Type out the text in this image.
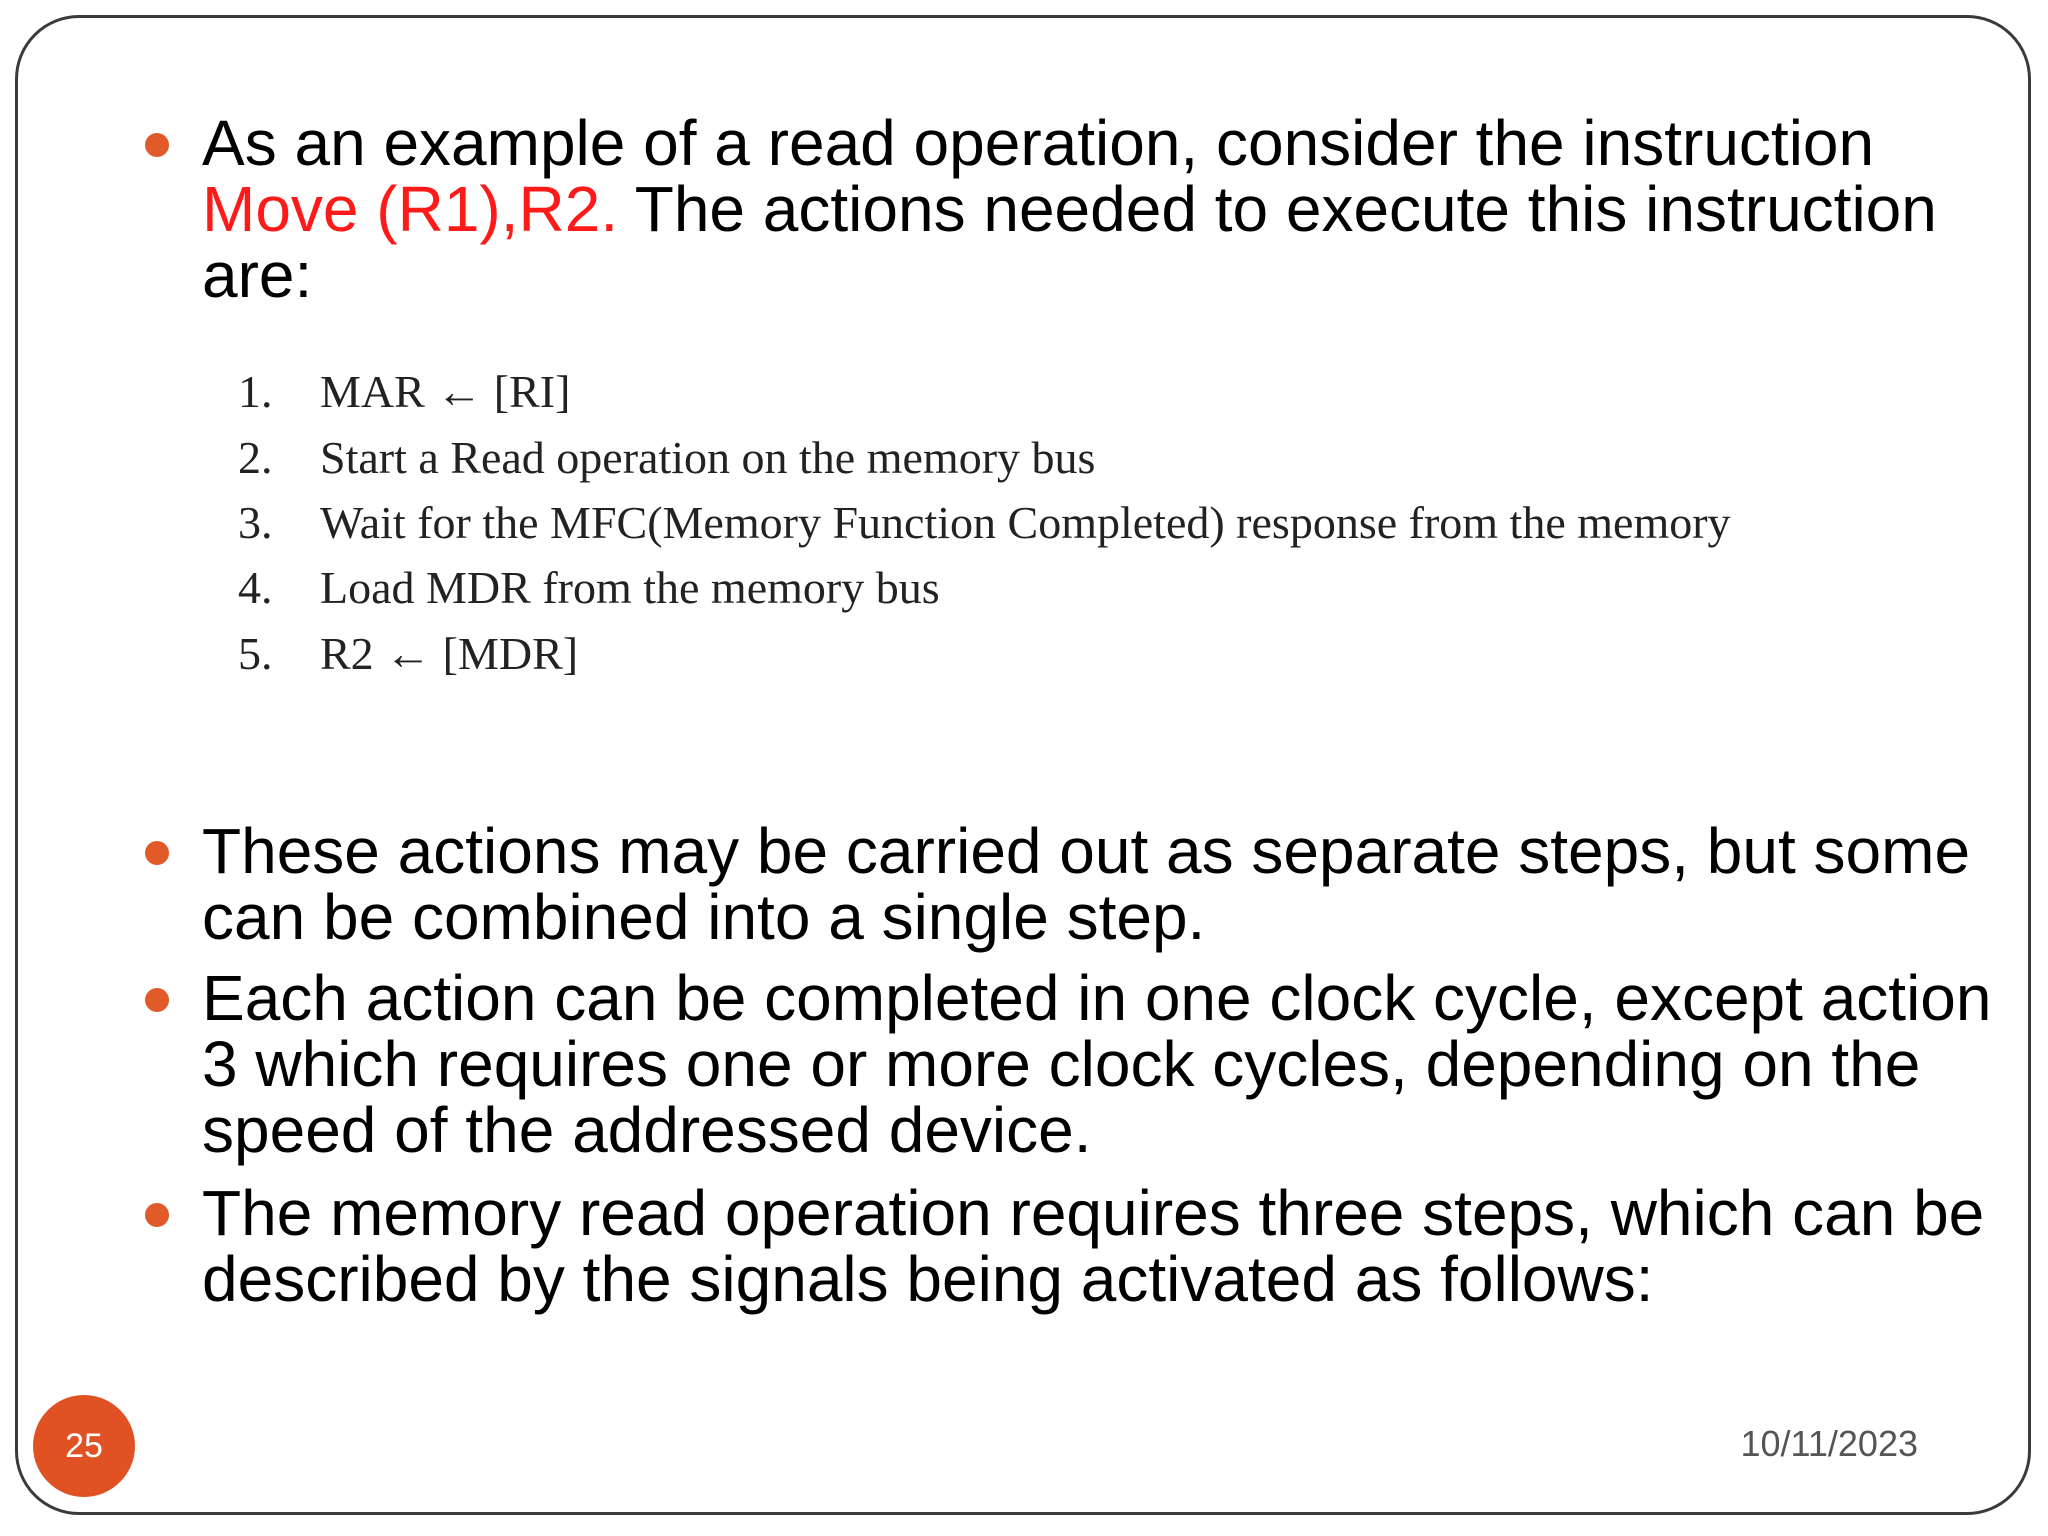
As an example of a read operation, consider the instruction Move (R1),R2. The actions needed to execute this instruction are:
1.	MAR ← [RI]
2.	Start a Read operation on the memory bus
3.	Wait for the MFC(Memory Function Completed) response from the memory
4.	Load MDR from the memory bus
5.	R2 ← [MDR]
These actions may be carried out as separate steps, but some can be combined into a single step.
Each action can be completed in one clock cycle, except action 3 which requires one or more clock cycles, depending on the speed of the addressed device.
The memory read operation requires three steps, which can be described by the signals being activated as follows:
25	10/11/2023
